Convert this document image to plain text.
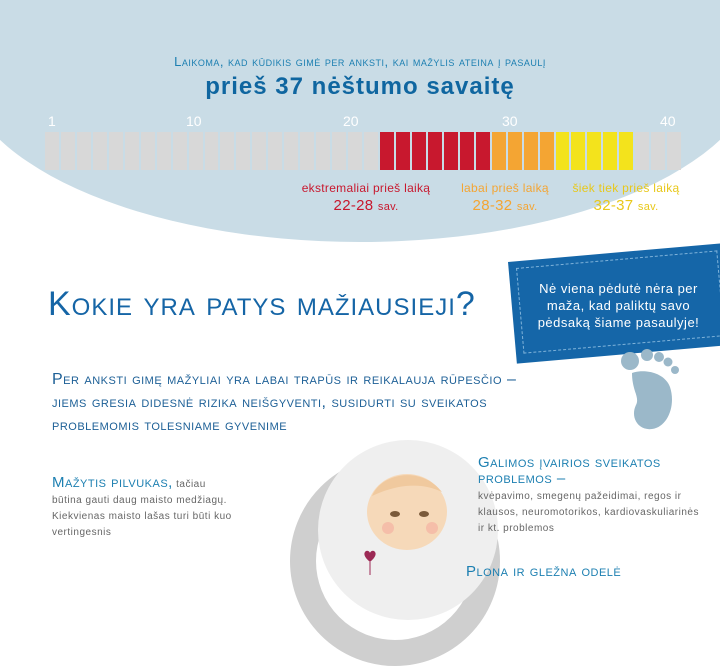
Laikoma, kad kūdikis gimė per anksti, kai mažylis ateina į pasaulį
prieš 37 nėštumo savaitę
1	10	20	30	40
ekstremaliai prieš laiką
22-28 sav.
labai prieš laiką
28-32 sav.
šiek tiek prieš laiką
32-37 sav.
Kokie yra patys mažiausieji?	Nė viena pėdutė nėra per maža, kad paliktų savo pėdsaką šiame pasaulyje!
Per anksti gimę mažyliai yra labai trapūs ir reikalauja rūpesčio – jiems gresia didesnė rizika neišgyventi, susidurti su sveikatos problemomis tolesniame gyvenime
Mažytis pilvukas, tačiau
būtina gauti daug maisto medžiagų. Kiekvienas maisto lašas turi būti kuo vertingesnis
Galimos įvairios sveikatos problemos –
kvėpavimo, smegenų pažeidimai, regos ir klausos, neuromotorikos, kardiovaskuliarinės ir kt. problemos
Plona ir gležna odelė
